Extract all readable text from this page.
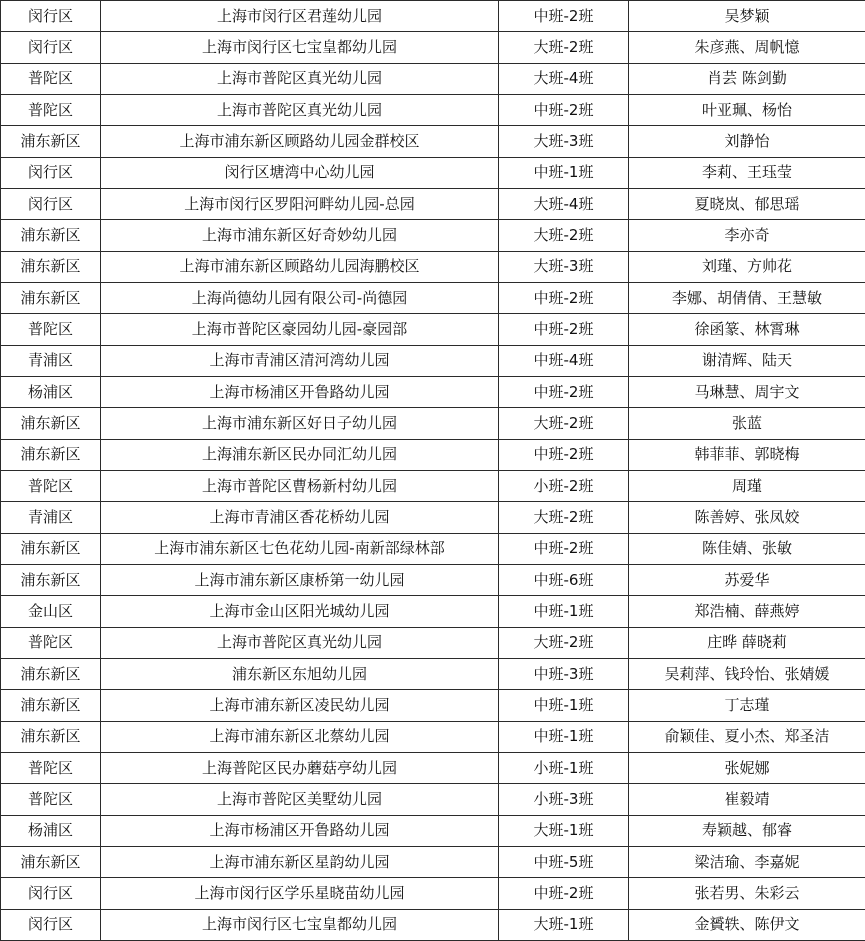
闵行区	上海市闵行区君莲幼儿园	中班-2班	吴梦颖
闵行区	上海市闵行区七宝皇都幼儿园	大班-2班	朱彦燕、周帆憶
普陀区	上海市普陀区真光幼儿园	大班-4班	肖芸 陈剑勤
普陀区	上海市普陀区真光幼儿园	中班-2班	叶亚珮、杨怡
浦东新区	上海市浦东新区顾路幼儿园金群校区	大班-3班	刘静怡
闵行区	闵行区塘湾中心幼儿园	中班-1班	李莉、王珏莹
闵行区	上海市闵行区罗阳河畔幼儿园-总园	大班-4班	夏晓岚、郁思瑶
浦东新区	上海市浦东新区好奇妙幼儿园	大班-2班	李亦奇
浦东新区	上海市浦东新区顾路幼儿园海鹏校区	大班-3班	刘瑾、方帅花
浦东新区	上海尚德幼儿园有限公司-尚德园	中班-2班	李娜、胡倩倩、王慧敏
普陀区	上海市普陀区豪园幼儿园-豪园部	中班-2班	徐函篆、林霄琳
青浦区	上海市青浦区清河湾幼儿园	中班-4班	谢清辉、陆天
杨浦区	上海市杨浦区开鲁路幼儿园	中班-2班	马琳慧、周宇文
浦东新区	上海市浦东新区好日子幼儿园	大班-2班	张蓝
浦东新区	上海浦东新区民办同汇幼儿园	中班-2班	韩菲菲、郭晓梅
普陀区	上海市普陀区曹杨新村幼儿园	小班-2班	周瑾
青浦区	上海市青浦区香花桥幼儿园	大班-2班	陈善婷、张凤姣
浦东新区	上海市浦东新区七色花幼儿园-南新部绿林部	中班-2班	陈佳婧、张敏
浦东新区	上海市浦东新区康桥第一幼儿园	中班-6班	苏爱华
金山区	上海市金山区阳光城幼儿园	中班-1班	郑浩楠、薛燕婷
普陀区	上海市普陀区真光幼儿园	大班-2班	庄晔 薛晓莉
浦东新区	浦东新区东旭幼儿园	中班-3班	吴莉萍、钱玲怡、张婧媛
浦东新区	上海市浦东新区凌民幼儿园	中班-1班	丁志瑾
浦东新区	上海市浦东新区北蔡幼儿园	中班-1班	俞颖佳、夏小杰、郑圣洁
普陀区	上海普陀区民办蘑菇亭幼儿园	小班-1班	张妮娜
普陀区	上海市普陀区美墅幼儿园	小班-3班	崔毅靖
杨浦区	上海市杨浦区开鲁路幼儿园	大班-1班	寿颖越、郁睿
浦东新区	上海市浦东新区星韵幼儿园	中班-5班	梁洁瑜、李嘉妮
闵行区	上海市闵行区学乐星晓苗幼儿园	中班-2班	张若男、朱彩云
闵行区	上海市闵行区七宝皇都幼儿园	大班-1班	金贇轶、陈伊文
